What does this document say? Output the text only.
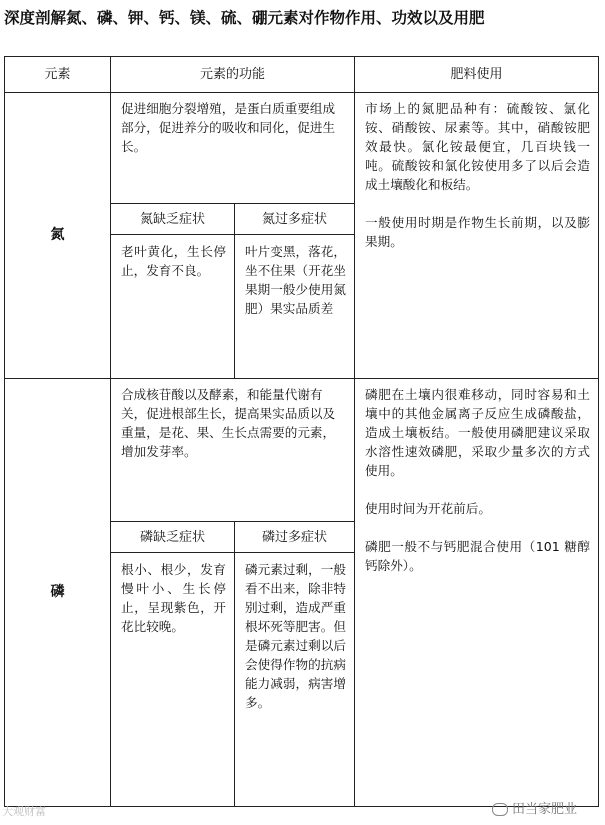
深度剖解氮、磷、钾、钙、镁、硫、硼元素对作物作用、功效以及用肥
元素	元素的功能		肥料使用
氮	促进细胞分裂增殖，是蛋白质重要组成部分，促进养分的吸收和同化，促进生长。		市场上的氮肥品种有：硫酸铵、氯化铵、硝酸铵、尿素等。其中，硝酸铵肥效最快。氯化铵最便宜，几百块钱一吨。硫酸铵和氯化铵使用多了以后会造成土壤酸化和板结。

一般使用时期是作物生长前期，以及膨果期。

	氮缺乏症状	氮过多症状	
	老叶黄化，生长停止，发育不良。	叶片变黑，落花，坐不住果（开花坐果期一般少使用氮肥）果实品质差	
磷	合成核苷酸以及酵素，和能量代谢有关，促进根部生长，提高果实品质以及重量，是花、果、生长点需要的元素，增加发芽率。		磷肥在土壤内很难移动，同时容易和土壤中的其他金属离子反应生成磷酸盐，造成土壤板结。一般使用磷肥建议采取水溶性速效磷肥，采取少量多次的方式使用。

使用时间为开花前后。

磷肥一般不与钙肥混合使用（101 糖醇钙除外）。

	磷缺乏症状	磷过多症状	
	根小、根少，发育慢叶小、生长停止，呈现紫色，开花比较晚。	磷元素过剩，一般看不出来，除非特别过剩，造成严重根坏死等肥害。但是磷元素过剩以后会使得作物的抗病能力减弱，病害增多。	
大观财富	田当家肥业
